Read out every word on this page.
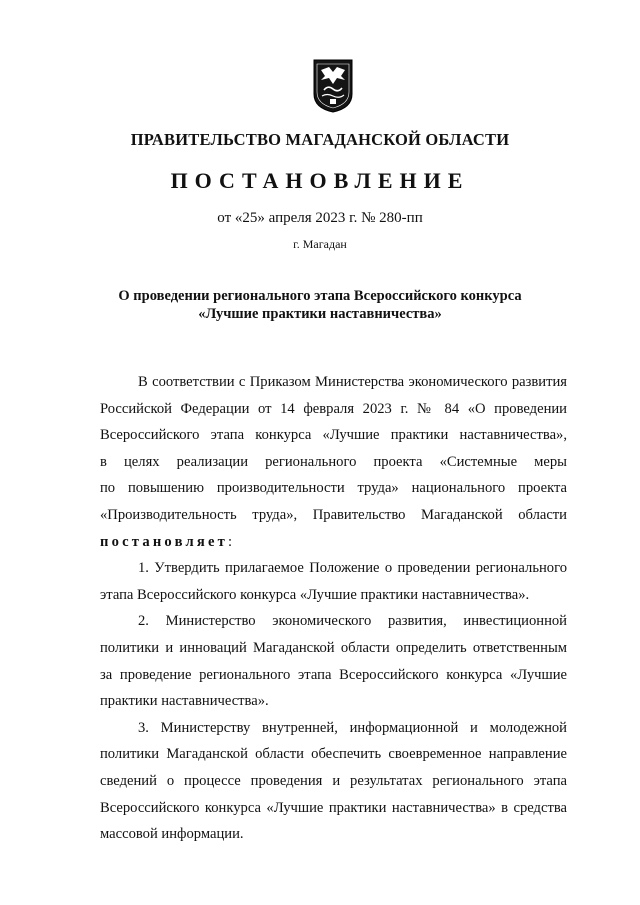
ПРАВИТЕЛЬСТВО МАГАДАНСКОЙ ОБЛАСТИ
ПОСТАНОВЛЕНИЕ
от «25» апреля 2023 г. № 280-пп
г. Магадан
О проведении регионального этапа Всероссийского конкурса
«Лучшие практики наставничества»

В соответствии с Приказом Министерства экономического развития

Российской Федерации от 14 февраля 2023 г. № 84 «О проведении

Всероссийского этапа конкурса «Лучшие практики наставничества»,

в целях реализации регионального проекта «Системные меры

по повышению производительности труда» национального проекта

«Производительность труда», Правительство Магаданской области

постановляет:

1. Утвердить прилагаемое Положение о проведении регионального

этапа Всероссийского конкурса «Лучшие практики наставничества».

2. Министерство экономического развития, инвестиционной

политики и инноваций Магаданской области определить ответственным

за проведение регионального этапа Всероссийского конкурса «Лучшие

практики наставничества».

3. Министерству внутренней, информационной и молодежной

политики Магаданской области обеспечить своевременное направление

сведений о процессе проведения и результатах регионального этапа

Всероссийского конкурса «Лучшие практики наставничества» в средства

массовой информации.
